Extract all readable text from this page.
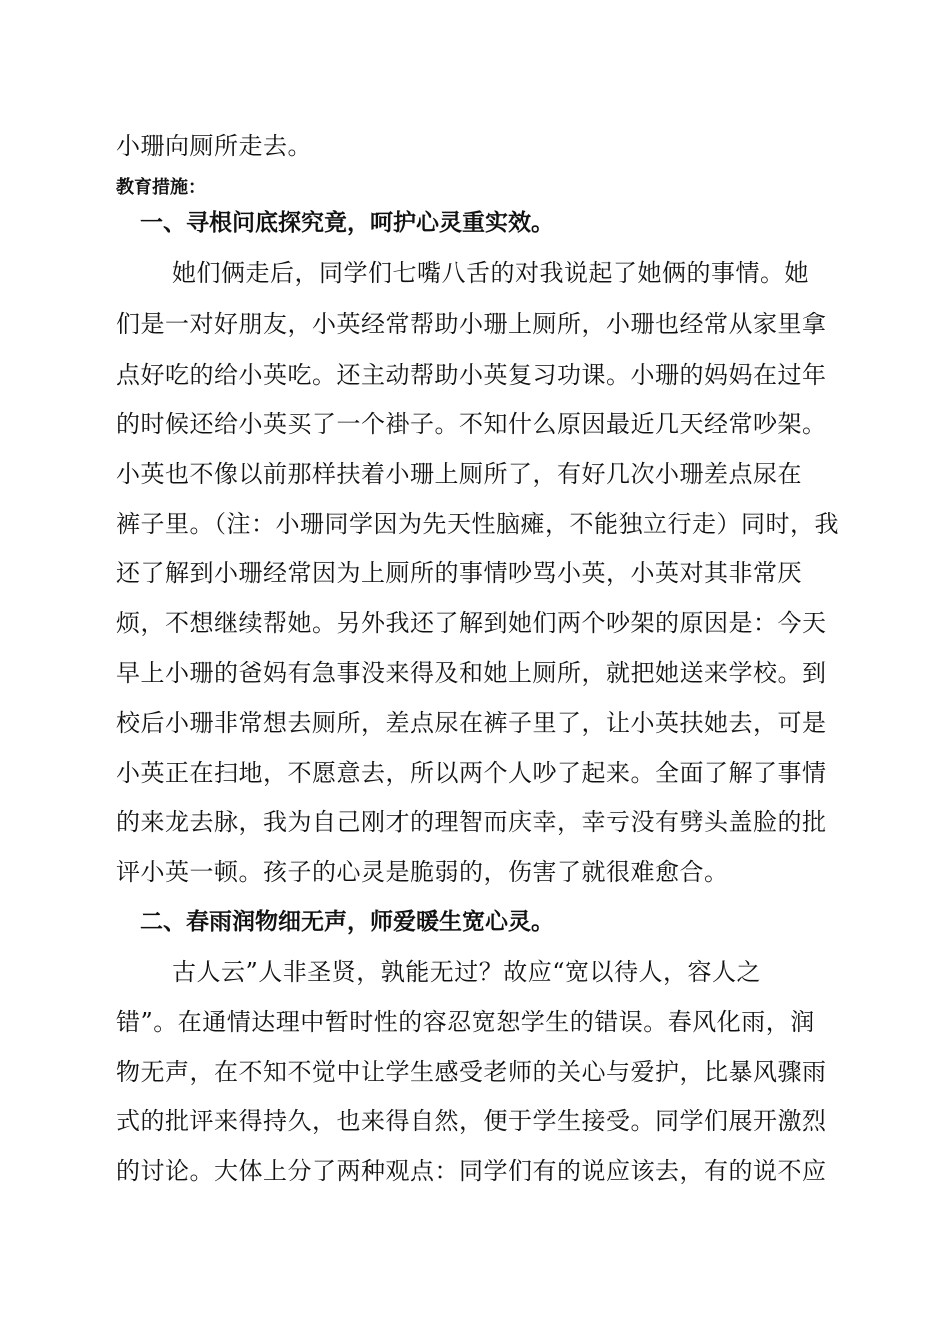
小珊向厕所走去。
教育措施：
一、寻根问底探究竟，呵护心灵重实效。
她们俩走后，同学们七嘴八舌的对我说起了她俩的事情。她
们是一对好朋友，小英经常帮助小珊上厕所，小珊也经常从家里拿
点好吃的给小英吃。还主动帮助小英复习功课。小珊的妈妈在过年
的时候还给小英买了一个褂子。不知什么原因最近几天经常吵架。
小英也不像以前那样扶着小珊上厕所了，有好几次小珊差点尿在
裤子里。（注：小珊同学因为先天性脑瘫，不能独立行走）同时，我
还了解到小珊经常因为上厕所的事情吵骂小英，小英对其非常厌
烦，不想继续帮她。另外我还了解到她们两个吵架的原因是：今天
早上小珊的爸妈有急事没来得及和她上厕所，就把她送来学校。到
校后小珊非常想去厕所，差点尿在裤子里了，让小英扶她去，可是
小英正在扫地，不愿意去，所以两个人吵了起来。全面了解了事情
的来龙去脉，我为自己刚才的理智而庆幸，幸亏没有劈头盖脸的批
评小英一顿。孩子的心灵是脆弱的，伤害了就很难愈合。
二、春雨润物细无声，师爱暖生宽心灵。
古人云”人非圣贤，孰能无过？故应“宽以待人，容人之
错”。在通情达理中暂时性的容忍宽恕学生的错误。春风化雨，润
物无声，在不知不觉中让学生感受老师的关心与爱护，比暴风骤雨
式的批评来得持久，也来得自然，便于学生接受。同学们展开激烈
的讨论。大体上分了两种观点：同学们有的说应该去，有的说不应
